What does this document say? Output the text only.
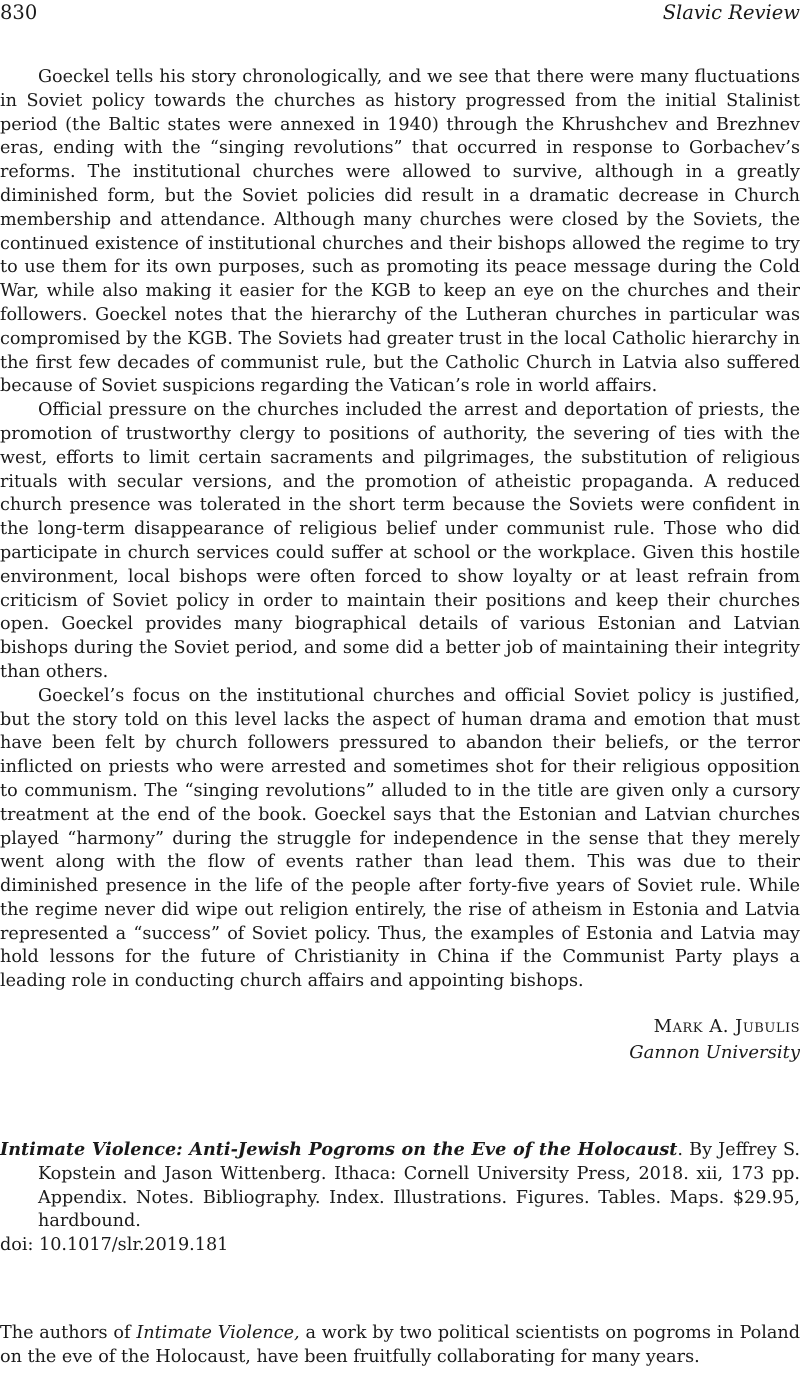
830	Slavic Review

Goeckel tells his story chronologically, and we see that there were many fluctuations in Soviet policy towards the churches as history progressed from the initial Stalinist period (the Baltic states were annexed in 1940) through the Khrushchev and Brezhnev eras, ending with the “singing revolutions” that occurred in response to Gorbachev’s reforms. The institutional churches were allowed to survive, although in a greatly diminished form, but the Soviet policies did result in a dramatic decrease in Church membership and attendance. Although many churches were closed by the Soviets, the continued existence of institutional churches and their bishops allowed the regime to try to use them for its own purposes, such as promoting its peace message during the Cold War, while also making it easier for the KGB to keep an eye on the churches and their followers. Goeckel notes that the hierarchy of the Lutheran churches in particular was compromised by the KGB. The Soviets had greater trust in the local Catholic hierarchy in the first few decades of communist rule, but the Catholic Church in Latvia also suffered because of Soviet suspicions regarding the Vatican’s role in world affairs.

Official pressure on the churches included the arrest and deportation of priests, the promotion of trustworthy clergy to positions of authority, the severing of ties with the west, efforts to limit certain sacraments and pilgrimages, the substitution of religious rituals with secular versions, and the promotion of atheistic propaganda. A reduced church presence was tolerated in the short term because the Soviets were confident in the long-term disappearance of religious belief under communist rule. Those who did participate in church services could suffer at school or the workplace. Given this hostile environment, local bishops were often forced to show loyalty or at least refrain from criticism of Soviet policy in order to maintain their positions and keep their churches open. Goeckel provides many biographical details of various Estonian and Latvian bishops during the Soviet period, and some did a better job of maintaining their integrity than others.

Goeckel’s focus on the institutional churches and official Soviet policy is justified, but the story told on this level lacks the aspect of human drama and emotion that must have been felt by church followers pressured to abandon their beliefs, or the terror inflicted on priests who were arrested and sometimes shot for their religious opposition to communism. The “singing revolutions” alluded to in the title are given only a cursory treatment at the end of the book. Goeckel says that the Estonian and Latvian churches played “harmony” during the struggle for independence in the sense that they merely went along with the flow of events rather than lead them. This was due to their diminished presence in the life of the people after forty-five years of Soviet rule. While the regime never did wipe out religion entirely, the rise of atheism in Estonia and Latvia represented a “success” of Soviet policy. Thus, the examples of Estonia and Latvia may hold lessons for the future of Christianity in China if the Communist Party plays a leading role in conducting church affairs and appointing bishops.

Mark A. Jubulis
Gannon University

Intimate Violence: Anti-Jewish Pogroms on the Eve of the Holocaust. By Jeffrey S. Kopstein and Jason Wittenberg. Ithaca: Cornell University Press, 2018. xii, 173 pp. Appendix. Notes. Bibliography. Index. Illustrations. Figures. Tables. Maps. $29.95, hardbound.

doi: 10.1017/slr.2019.181

The authors of Intimate Violence, a work by two political scientists on pogroms in Poland on the eve of the Holocaust, have been fruitfully collaborating for many years.
